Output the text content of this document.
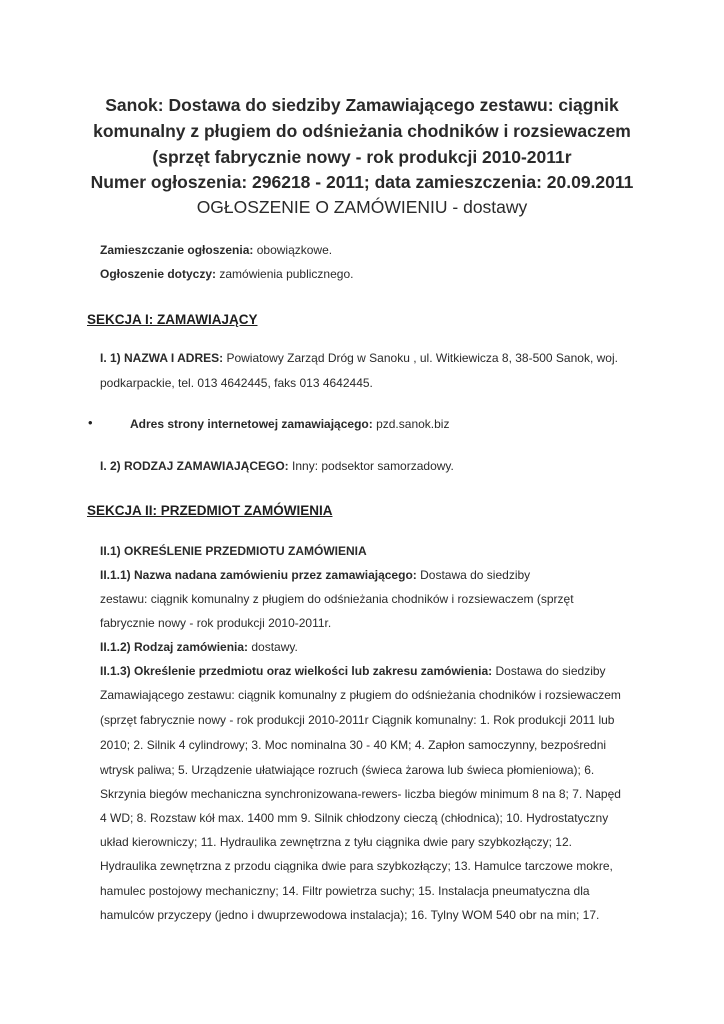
Sanok: Dostawa do siedziby Zamawiającego zestawu: ciągnik
komunalny z pługiem do odśnieżania chodników i rozsiewaczem
(sprzęt fabrycznie nowy - rok produkcji 2010-2011r
Numer ogłoszenia: 296218 - 2011; data zamieszczenia: 20.09.2011
OGŁOSZENIE O ZAMÓWIENIU - dostawy
Zamieszczanie ogłoszenia: obowiązkowe.
Ogłoszenie dotyczy: zamówienia publicznego.
SEKCJA I: ZAMAWIAJĄCY
I. 1) NAZWA I ADRES: Powiatowy Zarząd Dróg w Sanoku , ul. Witkiewicza 8, 38-500 Sanok, woj.
podkarpackie, tel. 013 4642445, faks 013 4642445.
•	Adres strony internetowej zamawiającego: pzd.sanok.biz
I. 2) RODZAJ ZAMAWIAJĄCEGO: Inny: podsektor samorzadowy.
SEKCJA II: PRZEDMIOT ZAMÓWIENIA
II.1) OKREŚLENIE PRZEDMIOTU ZAMÓWIENIA
II.1.1) Nazwa nadana zamówieniu przez zamawiającego: Dostawa do siedziby
zestawu: ciągnik komunalny z pługiem do odśnieżania chodników i rozsiewaczem (sprzęt
fabrycznie nowy - rok produkcji 2010-2011r.
II.1.2) Rodzaj zamówienia: dostawy.
II.1.3) Określenie przedmiotu oraz wielkości lub zakresu zamówienia: Dostawa do siedziby
Zamawiającego zestawu: ciągnik komunalny z pługiem do odśnieżania chodników i rozsiewaczem
(sprzęt fabrycznie nowy - rok produkcji 2010-2011r Ciągnik komunalny: 1. Rok produkcji 2011 lub
2010; 2. Silnik 4 cylindrowy; 3. Moc nominalna 30 - 40 KM; 4. Zapłon samoczynny, bezpośredni
wtrysk paliwa; 5. Urządzenie ułatwiające rozruch (świeca żarowa lub świeca płomieniowa); 6.
Skrzynia biegów mechaniczna synchronizowana-rewers- liczba biegów minimum 8 na 8; 7. Napęd
4 WD; 8. Rozstaw kół max. 1400 mm 9. Silnik chłodzony cieczą (chłodnica); 10. Hydrostatyczny
układ kierowniczy; 11. Hydraulika zewnętrzna z tyłu ciągnika dwie pary szybkozłączy; 12.
Hydraulika zewnętrzna z przodu ciągnika dwie para szybkozłączy; 13. Hamulce tarczowe mokre,
hamulec postojowy mechaniczny; 14. Filtr powietrza suchy; 15. Instalacja pneumatyczna dla
hamulców przyczepy (jedno i dwuprzewodowa instalacja); 16. Tylny WOM 540 obr na min; 17.
